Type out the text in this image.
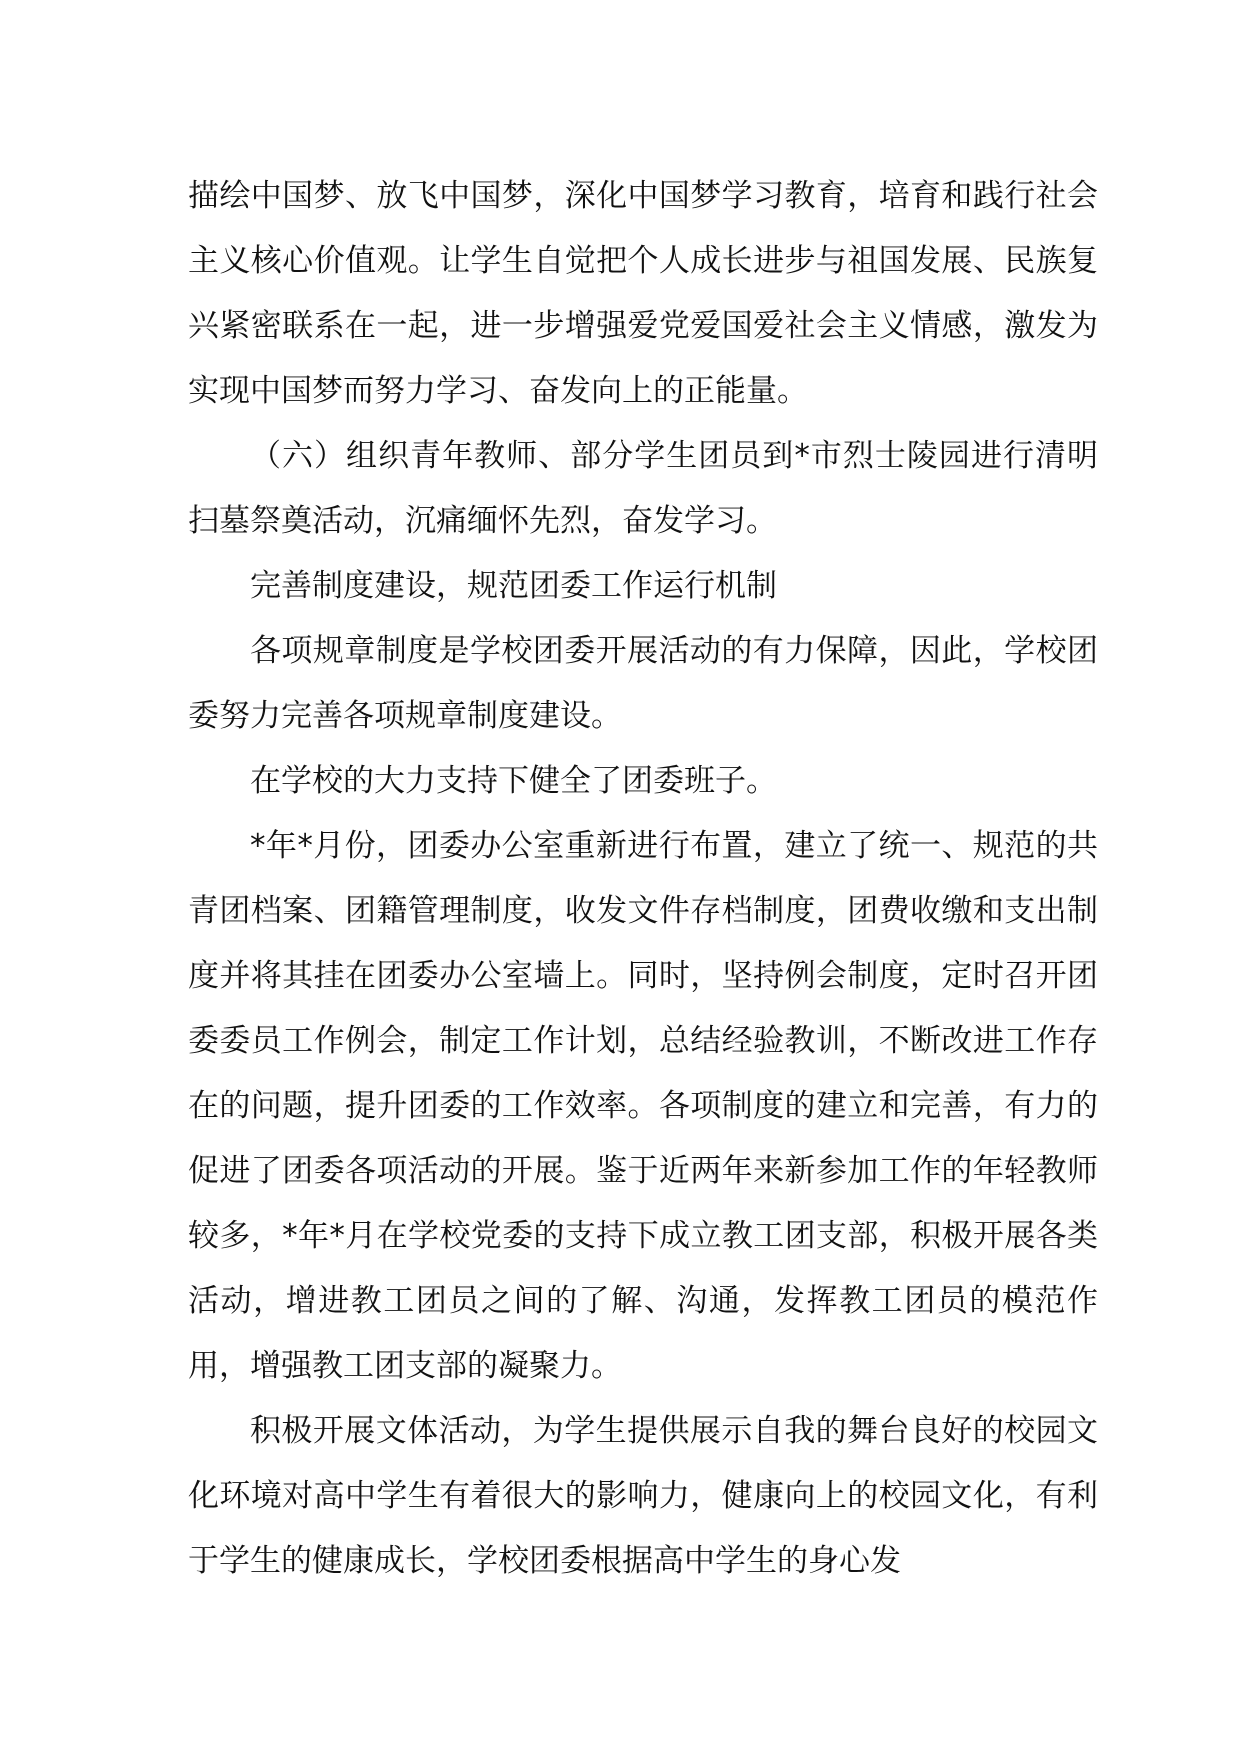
描绘中国梦、放飞中国梦，深化中国梦学习教育，培育和践行社会主义核心价值观。让学生自觉把个人成长进步与祖国发展、民族复兴紧密联系在一起，进一步增强爱党爱国爱社会主义情感，激发为实现中国梦而努力学习、奋发向上的正能量。

（六）组织青年教师、部分学生团员到*市烈士陵园进行清明扫墓祭奠活动，沉痛缅怀先烈，奋发学习。

完善制度建设，规范团委工作运行机制

各项规章制度是学校团委开展活动的有力保障，因此，学校团委努力完善各项规章制度建设。

在学校的大力支持下健全了团委班子。

*年*月份，团委办公室重新进行布置，建立了统一、规范的共青团档案、团籍管理制度，收发文件存档制度，团费收缴和支出制度并将其挂在团委办公室墙上。同时，坚持例会制度，定时召开团委委员工作例会，制定工作计划，总结经验教训，不断改进工作存在的问题，提升团委的工作效率。各项制度的建立和完善，有力的促进了团委各项活动的开展。鉴于近两年来新参加工作的年轻教师较多，*年*月在学校党委的支持下成立教工团支部，积极开展各类活动，增进教工团员之间的了解、沟通，发挥教工团员的模范作用，增强教工团支部的凝聚力。

积极开展文体活动，为学生提供展示自我的舞台良好的校园文化环境对高中学生有着很大的影响力，健康向上的校园文化，有利于学生的健康成长，学校团委根据高中学生的身心发
